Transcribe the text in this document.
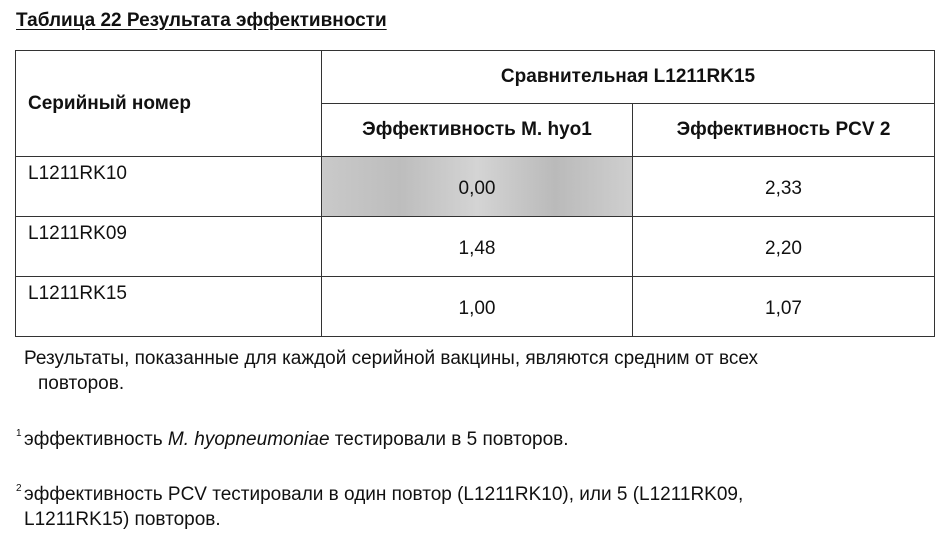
Таблица 22 Результата эффективности
Серийный номер	Сравнительная L1211RK15	
	Эффективность M. hyo1	Эффективность PCV 2
L1211RK10	0,00	2,33
L1211RK09	1,48	2,20
L1211RK15	1,00	1,07

Результаты, показанные для каждой серийной вакцины, являются средним от всех
повторов.

1 эффективность M. hyopneumoniae тестировали в 5 повторов.
2 эффективность PCV тестировали в один повтор (L1211RK10), или 5 (L1211RK09,
L1211RK15) повторов.
